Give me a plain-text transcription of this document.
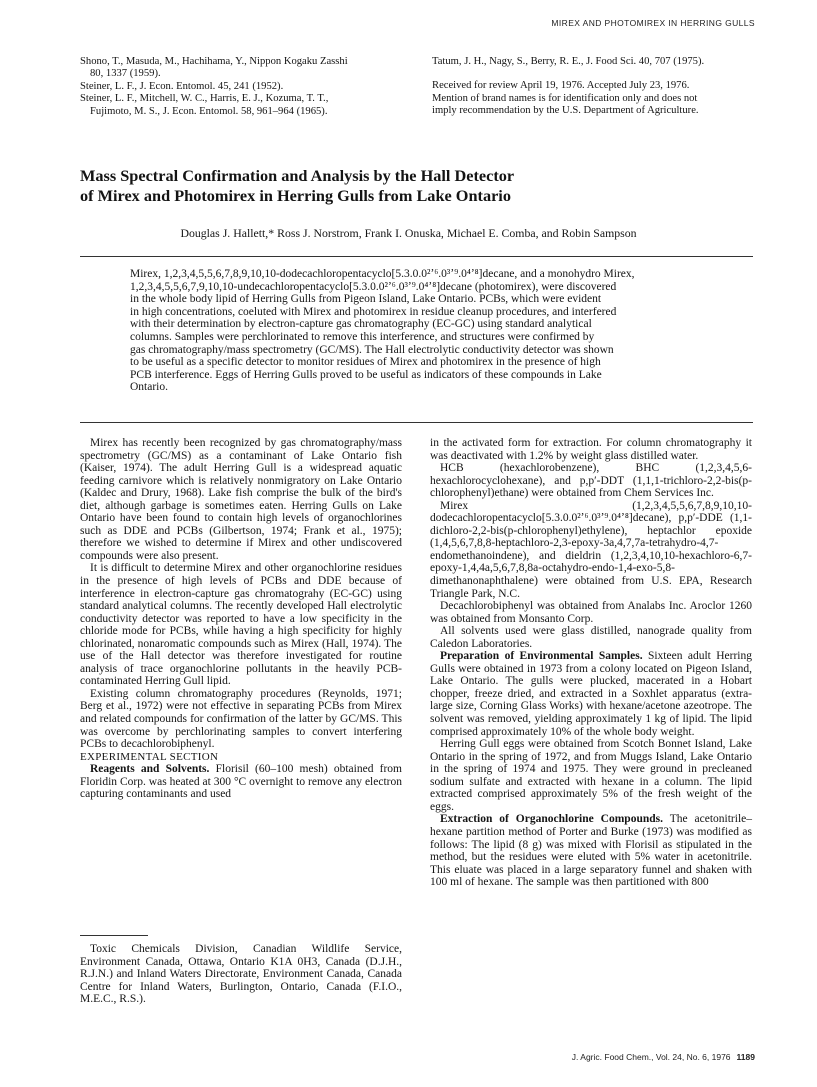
MIREX AND PHOTOMIREX IN HERRING GULLS

Shono, T., Masuda, M., Hachihama, Y., Nippon Kogaku Zasshi

80, 1337 (1959).

Steiner, L. F., J. Econ. Entomol. 45, 241 (1952).

Steiner, L. F., Mitchell, W. C., Harris, E. J., Kozuma, T. T.,

Fujimoto, M. S., J. Econ. Entomol. 58, 961–964 (1965).

Tatum, J. H., Nagy, S., Berry, R. E., J. Food Sci. 40, 707 (1975).

Received for review April 19, 1976. Accepted July 23, 1976.

Mention of brand names is for identification only and does not

imply recommendation by the U.S. Department of Agriculture.

Mass Spectral Confirmation and Analysis by the Hall Detector
of Mirex and Photomirex in Herring Gulls from Lake Ontario
Douglas J. Hallett,* Ross J. Norstrom, Frank I. Onuska, Michael E. Comba, and Robin Sampson
Mirex, 1,2,3,4,5,5,6,7,8,9,10,10-dodecachloropentacyclo[5.3.0.0²ʼ⁶.0³ʼ⁹.0⁴ʼ⁸]decane, and a monohydro Mirex,
1,2,3,4,5,5,6,7,9,10,10-undecachloropentacyclo[5.3.0.0²ʼ⁶.0³ʼ⁹.0⁴ʼ⁸]decane (photomirex), were discovered
in the whole body lipid of Herring Gulls from Pigeon Island, Lake Ontario. PCBs, which were evident
in high concentrations, coeluted with Mirex and photomirex in residue cleanup procedures, and interfered
with their determination by electron-capture gas chromatography (EC-GC) using standard analytical
columns. Samples were perchlorinated to remove this interference, and structures were confirmed by
gas chromatography/mass spectrometry (GC/MS). The Hall electrolytic conductivity detector was shown
to be useful as a specific detector to monitor residues of Mirex and photomirex in the presence of high
PCB interference. Eggs of Herring Gulls proved to be useful as indicators of these compounds in Lake
Ontario.

Mirex has recently been recognized by gas chromatography/mass spectrometry (GC/MS) as a contaminant of Lake Ontario fish (Kaiser, 1974). The adult Herring Gull is a widespread aquatic feeding carnivore which is relatively nonmigratory on Lake Ontario (Kaldec and Drury, 1968). Lake fish comprise the bulk of the bird's diet, although garbage is sometimes eaten. Herring Gulls on Lake Ontario have been found to contain high levels of organochlorines such as DDE and PCBs (Gilbertson, 1974; Frank et al., 1975); therefore we wished to determine if Mirex and other undiscovered compounds were also present.

It is difficult to determine Mirex and other organochlorine residues in the presence of high levels of PCBs and DDE because of interference in electron-capture gas chromatograhy (EC-GC) using standard analytical columns. The recently developed Hall electrolytic conductivity detector was reported to have a low specificity in the chloride mode for PCBs, while having a high specificity for highly chlorinated, nonaromatic compounds such as Mirex (Hall, 1974). The use of the Hall detector was therefore investigated for routine analysis of trace organochlorine pollutants in the heavily PCB-contaminated Herring Gull lipid.

Existing column chromatography procedures (Reynolds, 1971; Berg et al., 1972) were not effective in separating PCBs from Mirex and related compounds for confirmation of the latter by GC/MS. This was overcome by perchlorinating samples to convert interfering PCBs to decachlorobiphenyl.

EXPERIMENTAL SECTION

Reagents and Solvents. Florisil (60–100 mesh) obtained from Floridin Corp. was heated at 300 °C overnight to remove any electron capturing contaminants and used

Toxic Chemicals Division, Canadian Wildlife Service, Environment Canada, Ottawa, Ontario K1A 0H3, Canada (D.J.H., R.J.N.) and Inland Waters Directorate, Environment Canada, Canada Centre for Inland Waters, Burlington, Ontario, Canada (F.I.O., M.E.C., R.S.).

in the activated form for extraction. For column chromatography it was deactivated with 1.2% by weight glass distilled water.

HCB (hexachlorobenzene), BHC (1,2,3,4,5,6-hexachlorocyclohexane), and p,p′-DDT (1,1,1-trichloro-2,2-bis(p-chlorophenyl)ethane) were obtained from Chem Services Inc.

Mirex (1,2,3,4,5,5,6,7,8,9,10,10-dodecachloropentacyclo[5.3.0.0²ʼ⁶.0³ʼ⁹.0⁴ʼ⁸]decane), p,p′-DDE (1,1-dichloro-2,2-bis(p-chlorophenyl)ethylene), heptachlor epoxide (1,4,5,6,7,8,8-heptachloro-2,3-epoxy-3a,4,7,7a-tetrahydro-4,7-endomethanoindene), and dieldrin (1,2,3,4,10,10-hexachloro-6,7-epoxy-1,4,4a,5,6,7,8,8a-octahydro-endo-1,4-exo-5,8-dimethanonaphthalene) were obtained from U.S. EPA, Research Triangle Park, N.C.

Decachlorobiphenyl was obtained from Analabs Inc. Aroclor 1260 was obtained from Monsanto Corp.

All solvents used were glass distilled, nanograde quality from Caledon Laboratories.

Preparation of Environmental Samples. Sixteen adult Herring Gulls were obtained in 1973 from a colony located on Pigeon Island, Lake Ontario. The gulls were plucked, macerated in a Hobart chopper, freeze dried, and extracted in a Soxhlet apparatus (extra-large size, Corning Glass Works) with hexane/acetone azeotrope. The solvent was removed, yielding approximately 1 kg of lipid. The lipid comprised approximately 10% of the whole body weight.

Herring Gull eggs were obtained from Scotch Bonnet Island, Lake Ontario in the spring of 1972, and from Muggs Island, Lake Ontario in the spring of 1974 and 1975. They were ground in precleaned sodium sulfate and extracted with hexane in a column. The lipid extracted comprised approximately 5% of the fresh weight of the eggs.

Extraction of Organochlorine Compounds. The acetonitrile–hexane partition method of Porter and Burke (1973) was modified as follows: The lipid (8 g) was mixed with Florisil as stipulated in the method, but the residues were eluted with 5% water in acetonitrile. This eluate was placed in a large separatory funnel and shaken with 100 ml of hexane. The sample was then partitioned with 800

J. Agric. Food Chem., Vol. 24, No. 6, 1976 1189
